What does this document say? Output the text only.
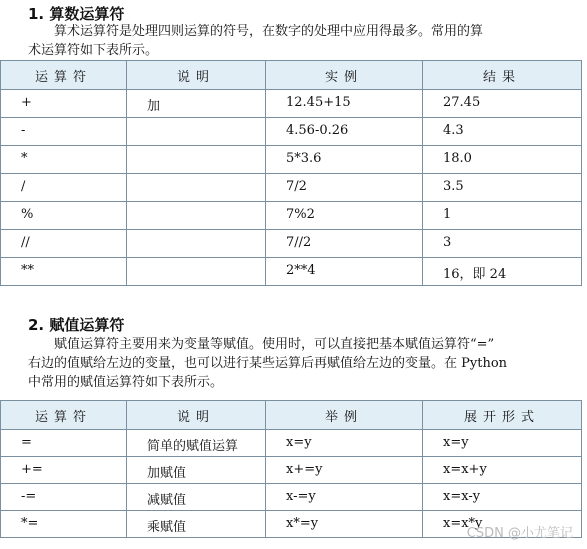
1. 算数运算符
算术运算符是处理四则运算的符号，在数字的处理中应用得最多。常用的算
术运算符如下表所示。
运算符	说明	实例	结果
+	加	12.45+15	27.45
-		4.56-0.26	4.3
*		5*3.6	18.0
/		7/2	3.5
%		7%2	1
//		7//2	3
**		2**4	16，即 24
2. 赋值运算符
赋值运算符主要用来为变量等赋值。使用时，可以直接把基本赋值运算符“=”
右边的值赋给左边的变量，也可以进行某些运算后再赋值给左边的变量。在 Python
中常用的赋值运算符如下表所示。
运算符	说明	举例	展开形式
=	简单的赋值运算	x=y	x=y
+=	加赋值	x+=y	x=x+y
-=	减赋值	x-=y	x=x-y
*=	乘赋值	x*=y	x=x*y
CSDN @小尤笔记
